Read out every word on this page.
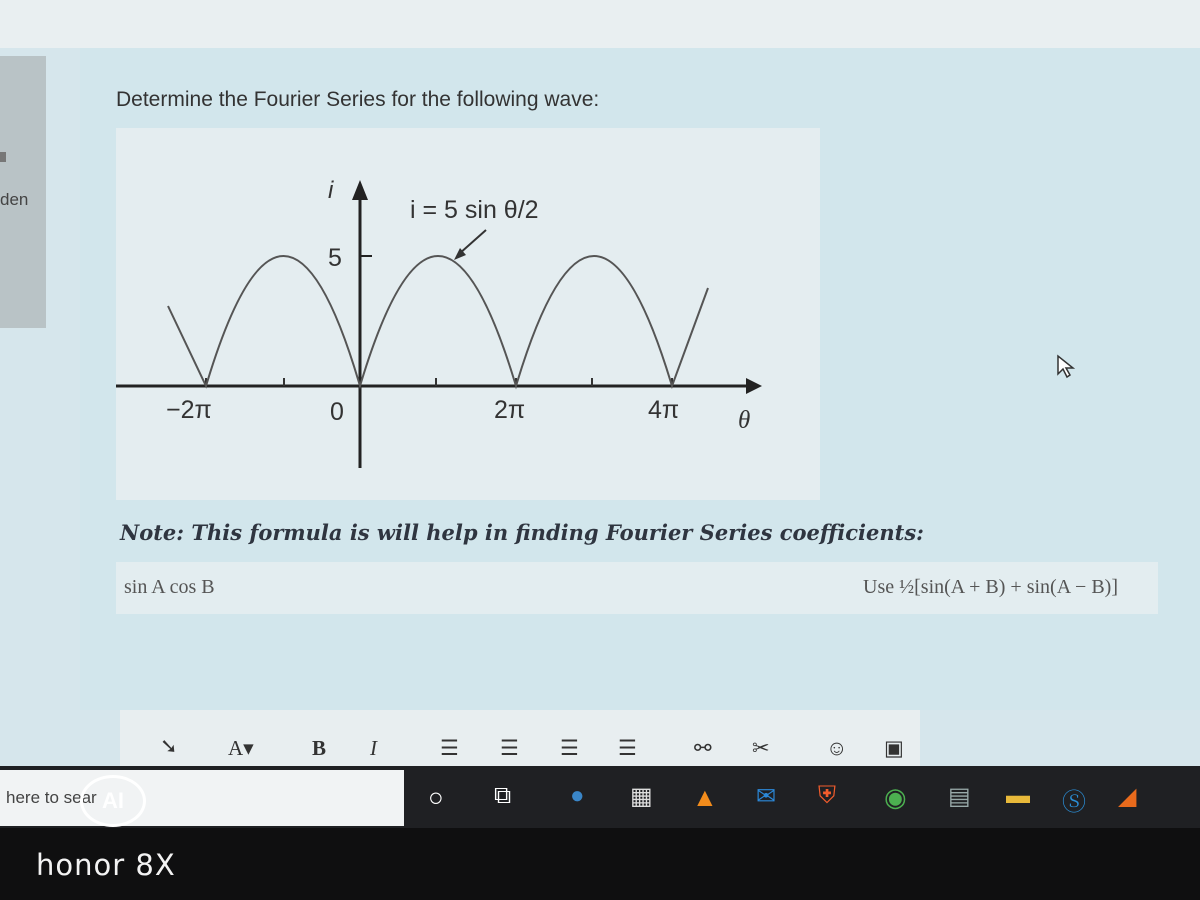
den
Determine the Fourier Series for the following wave:
i
i = 5 sin θ/2
5
−2π	0	2π	4π θ
Note: This formula is will help in finding Fourier Series coefficients:
sin A cos B	Use ½[sin(A + B) + sin(A − B)]
➘ A▾	B I	☰ ☰ ☰ ☰	⚯ ✂	☺ ▣
here to sear AI	○	⧉	●	▦ ▲ ✉	⛨	◉ ▤ ▬ Ⓢ ◢
honor 8X
